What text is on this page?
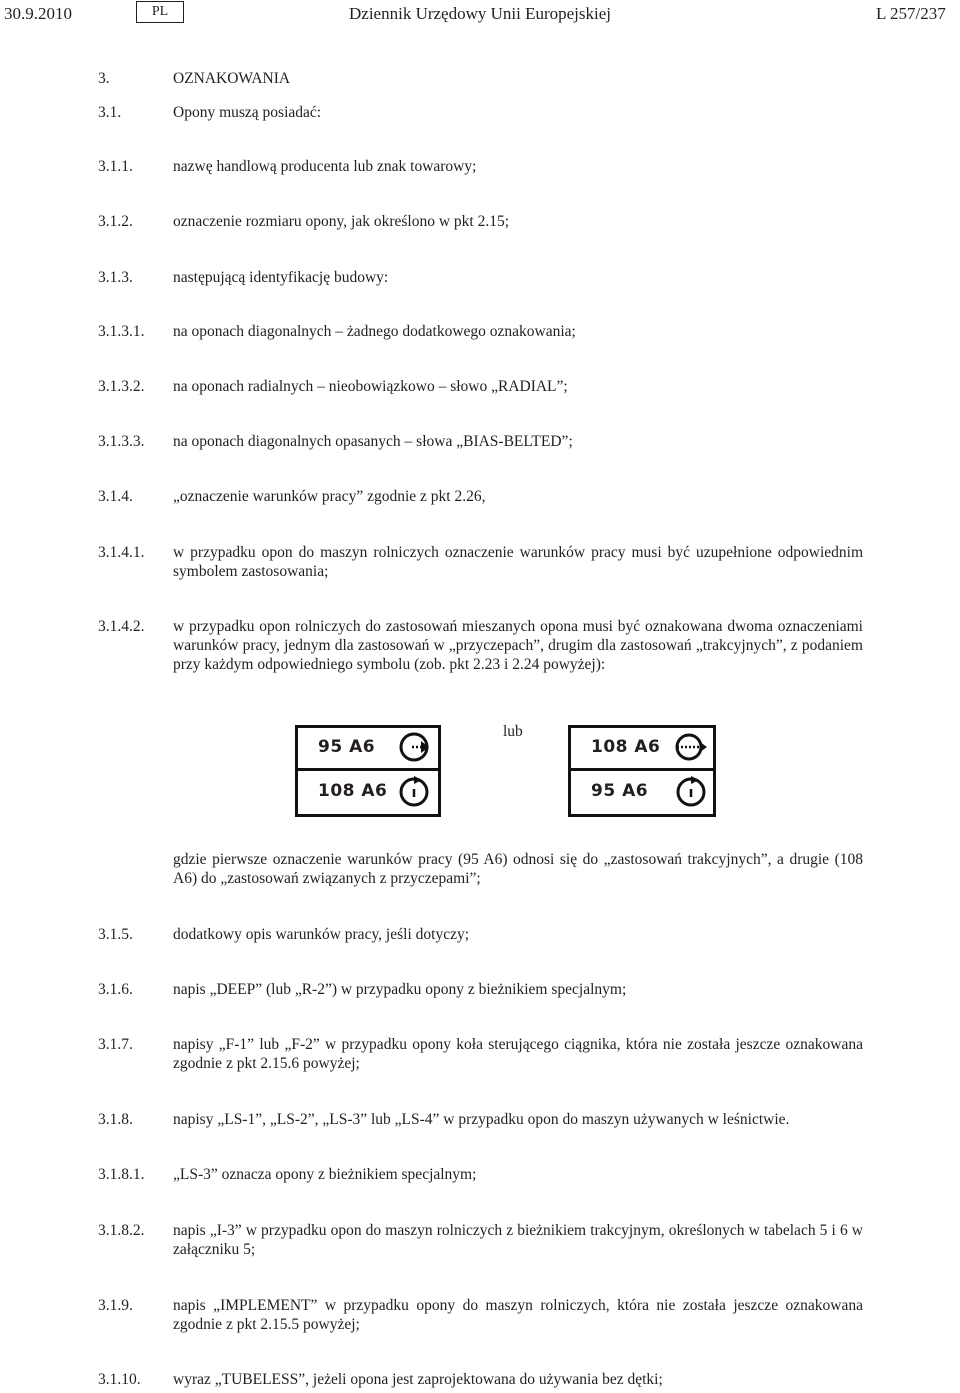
30.9.2010	PL	Dziennik Urzędowy Unii Europejskiej	L 257/237
3.	OZNAKOWANIA
3.1.	Opony muszą posiadać:
3.1.1.	nazwę handlową producenta lub znak towarowy;
3.1.2.	oznaczenie rozmiaru opony, jak określono w pkt 2.15;
3.1.3.	następującą identyfikację budowy:
3.1.3.1. na oponach diagonalnych – żadnego dodatkowego oznakowania;
3.1.3.2. na oponach radialnych – nieobowiązkowo – słowo „RADIAL”;
3.1.3.3. na oponach diagonalnych opasanych – słowa „BIAS-BELTED”;
3.1.4.	„oznaczenie warunków pracy” zgodnie z pkt 2.26,
3.1.4.1. w przypadku opon do maszyn rolniczych oznaczenie warunków pracy musi być uzupełnione odpowiednim symbolem zastosowania;
3.1.4.2. w przypadku opon rolniczych do zastosowań mieszanych opona musi być oznakowana dwoma oznaczeniami warunków pracy, jednym dla zastosowań w „przyczepach”, drugim dla zastosowań „trakcyjnych”, z podaniem przy każdym odpowiedniego symbolu (zob. pkt 2.23 i 2.24 powyżej):
95 A6
108 A6
lub
108 A6
95 A6
gdzie pierwsze oznaczenie warunków pracy (95 A6) odnosi się do „zastosowań trakcyjnych”, a drugie (108 A6) do „zastosowań związanych z przyczepami”;
3.1.5.	dodatkowy opis warunków pracy, jeśli dotyczy;
3.1.6.	napis „DEEP” (lub „R-2”) w przypadku opony z bieżnikiem specjalnym;
3.1.7.	napisy „F-1” lub „F-2” w przypadku opony koła sterującego ciągnika, która nie została jeszcze oznakowana zgodnie z pkt 2.15.6 powyżej;
3.1.8.	napisy „LS-1”, „LS-2”, „LS-3” lub „LS-4” w przypadku opon do maszyn używanych w leśnictwie.
3.1.8.1. „LS-3” oznacza opony z bieżnikiem specjalnym;
3.1.8.2. napis „I-3” w przypadku opon do maszyn rolniczych z bieżnikiem trakcyjnym, określonych w tabelach 5 i 6 w załączniku 5;
3.1.9.	napis „IMPLEMENT” w przypadku opony do maszyn rolniczych, która nie została jeszcze oznakowana zgodnie z pkt 2.15.5 powyżej;
3.1.10. wyraz „TUBELESS”, jeżeli opona jest zaprojektowana do używania bez dętki;
